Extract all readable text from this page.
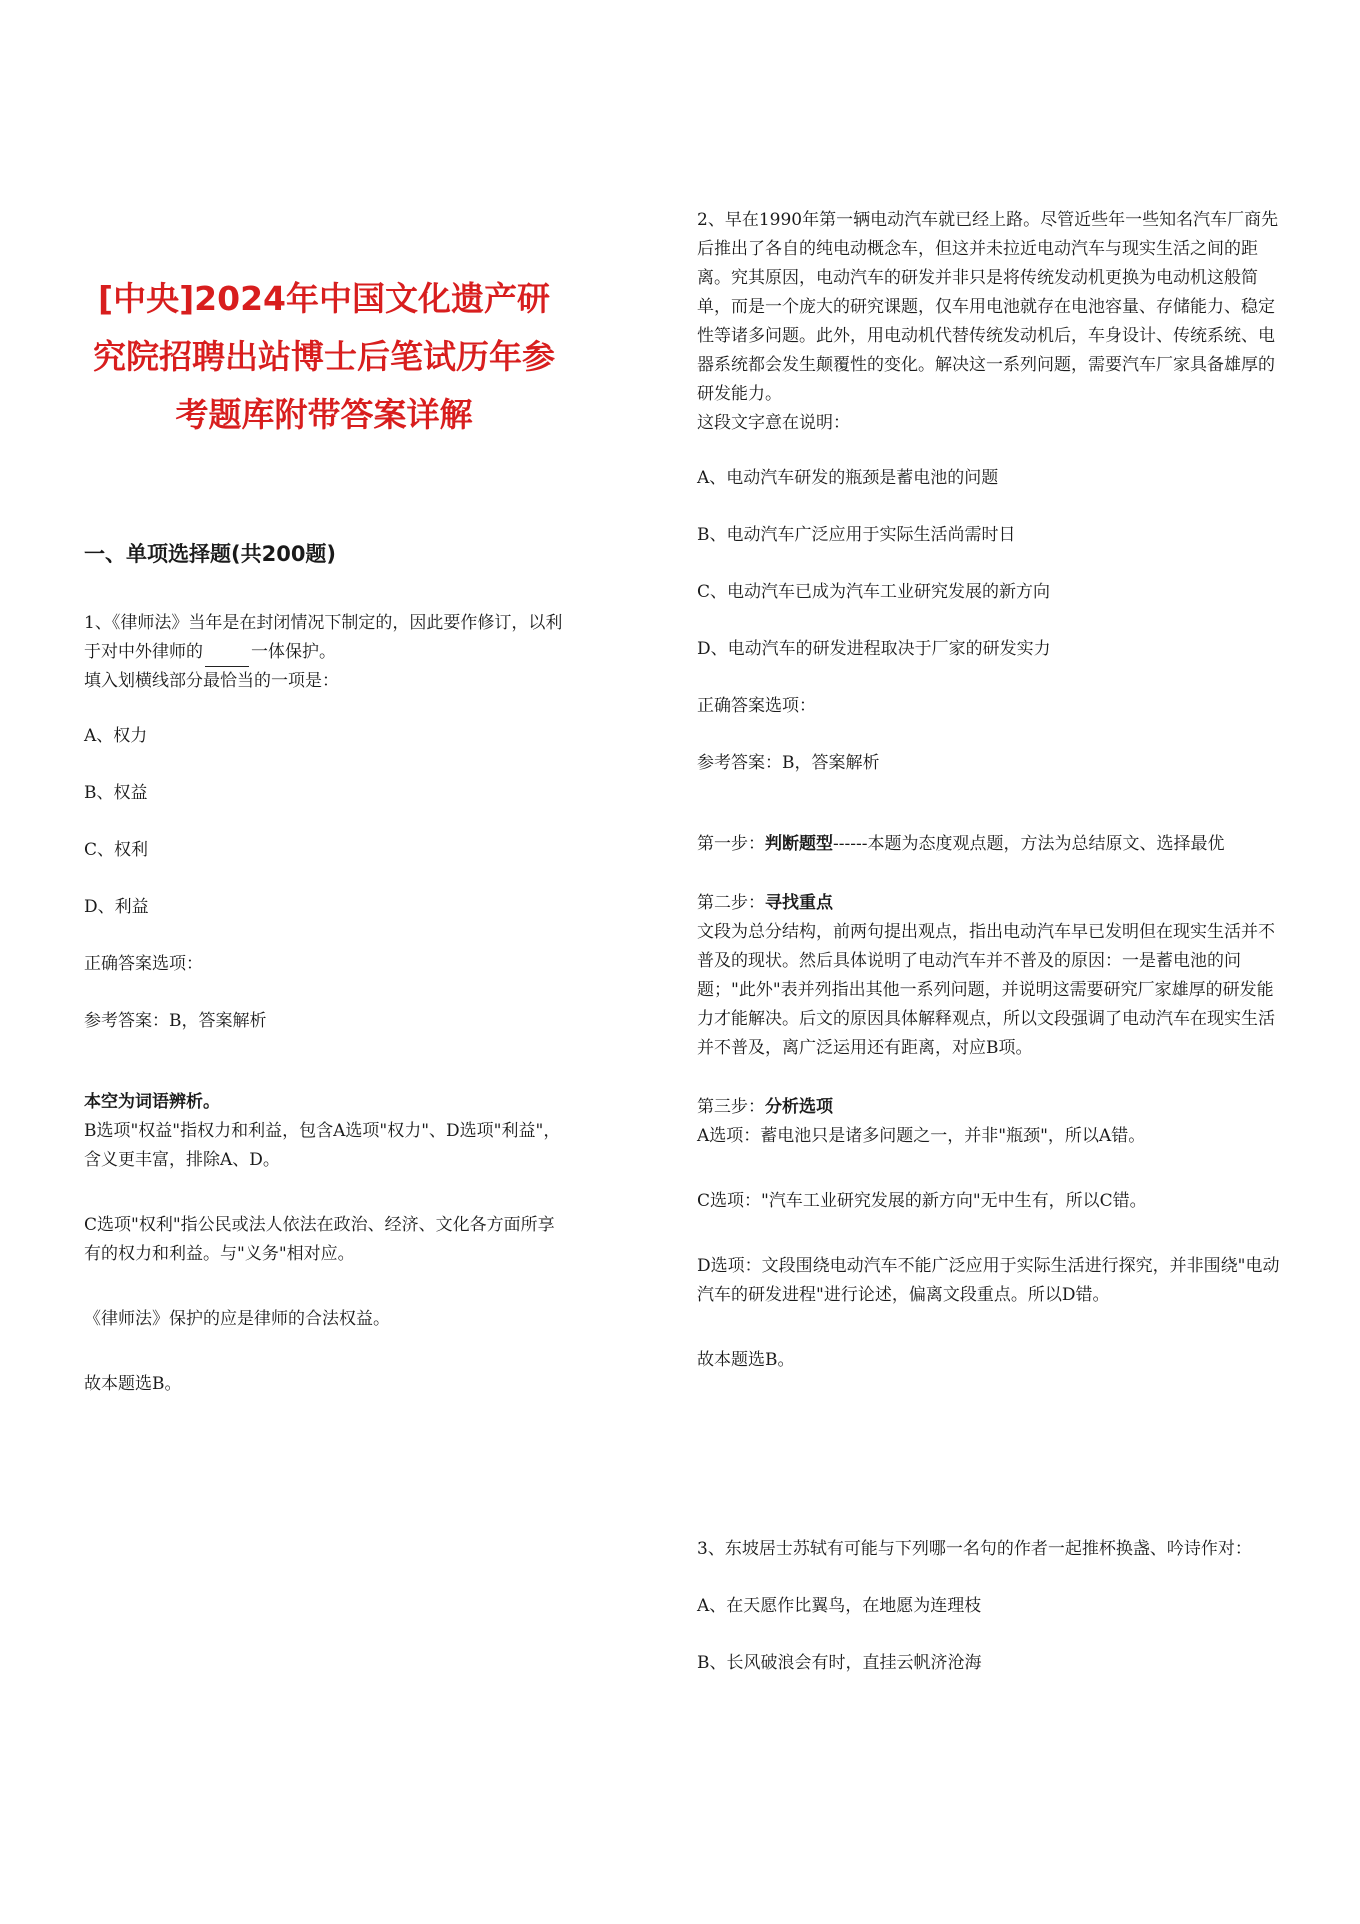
[中央]2024年中国文化遗产研究院招聘出站博士后笔试历年参考题库附带答案详解
一、单项选择题(共200题)

1、《律师法》当年是在封闭情况下制定的，因此要作修订，以利于对中外律师的	一体保护。

填入划横线部分最恰当的一项是：

A、权力

B、权益

C、权利

D、利益

正确答案选项：

参考答案：B，答案解析

本空为词语辨析。

B选项"权益"指权力和利益，包含A选项"权力"、D选项"利益"，含义更丰富，排除A、D。

C选项"权利"指公民或法人依法在政治、经济、文化各方面所享有的权力和利益。与"义务"相对应。

《律师法》保护的应是律师的合法权益。

故本题选B。

2、早在1990年第一辆电动汽车就已经上路。尽管近些年一些知名汽车厂商先后推出了各自的纯电动概念车，但这并未拉近电动汽车与现实生活之间的距离。究其原因，电动汽车的研发并非只是将传统发动机更换为电动机这般简单，而是一个庞大的研究课题，仅车用电池就存在电池容量、存储能力、稳定性等诸多问题。此外，用电动机代替传统发动机后，车身设计、传统系统、电器系统都会发生颠覆性的变化。解决这一系列问题，需要汽车厂家具备雄厚的研发能力。

这段文字意在说明：

A、电动汽车研发的瓶颈是蓄电池的问题

B、电动汽车广泛应用于实际生活尚需时日

C、电动汽车已成为汽车工业研究发展的新方向

D、电动汽车的研发进程取决于厂家的研发实力

正确答案选项：

参考答案：B，答案解析

第一步：判断题型------本题为态度观点题，方法为总结原文、选择最优

第二步：寻找重点

文段为总分结构，前两句提出观点，指出电动汽车早已发明但在现实生活并不普及的现状。然后具体说明了电动汽车并不普及的原因：一是蓄电池的问题；"此外"表并列指出其他一系列问题，并说明这需要研究厂家雄厚的研发能力才能解决。后文的原因具体解释观点，所以文段强调了电动汽车在现实生活并不普及，离广泛运用还有距离，对应B项。

第三步：分析选项

A选项：蓄电池只是诸多问题之一，并非"瓶颈"，所以A错。

C选项："汽车工业研究发展的新方向"无中生有，所以C错。

D选项：文段围绕电动汽车不能广泛应用于实际生活进行探究，并非围绕"电动汽车的研发进程"进行论述，偏离文段重点。所以D错。

故本题选B。

3、东坡居士苏轼有可能与下列哪一名句的作者一起推杯换盏、吟诗作对：

A、在天愿作比翼鸟，在地愿为连理枝

B、长风破浪会有时，直挂云帆济沧海
